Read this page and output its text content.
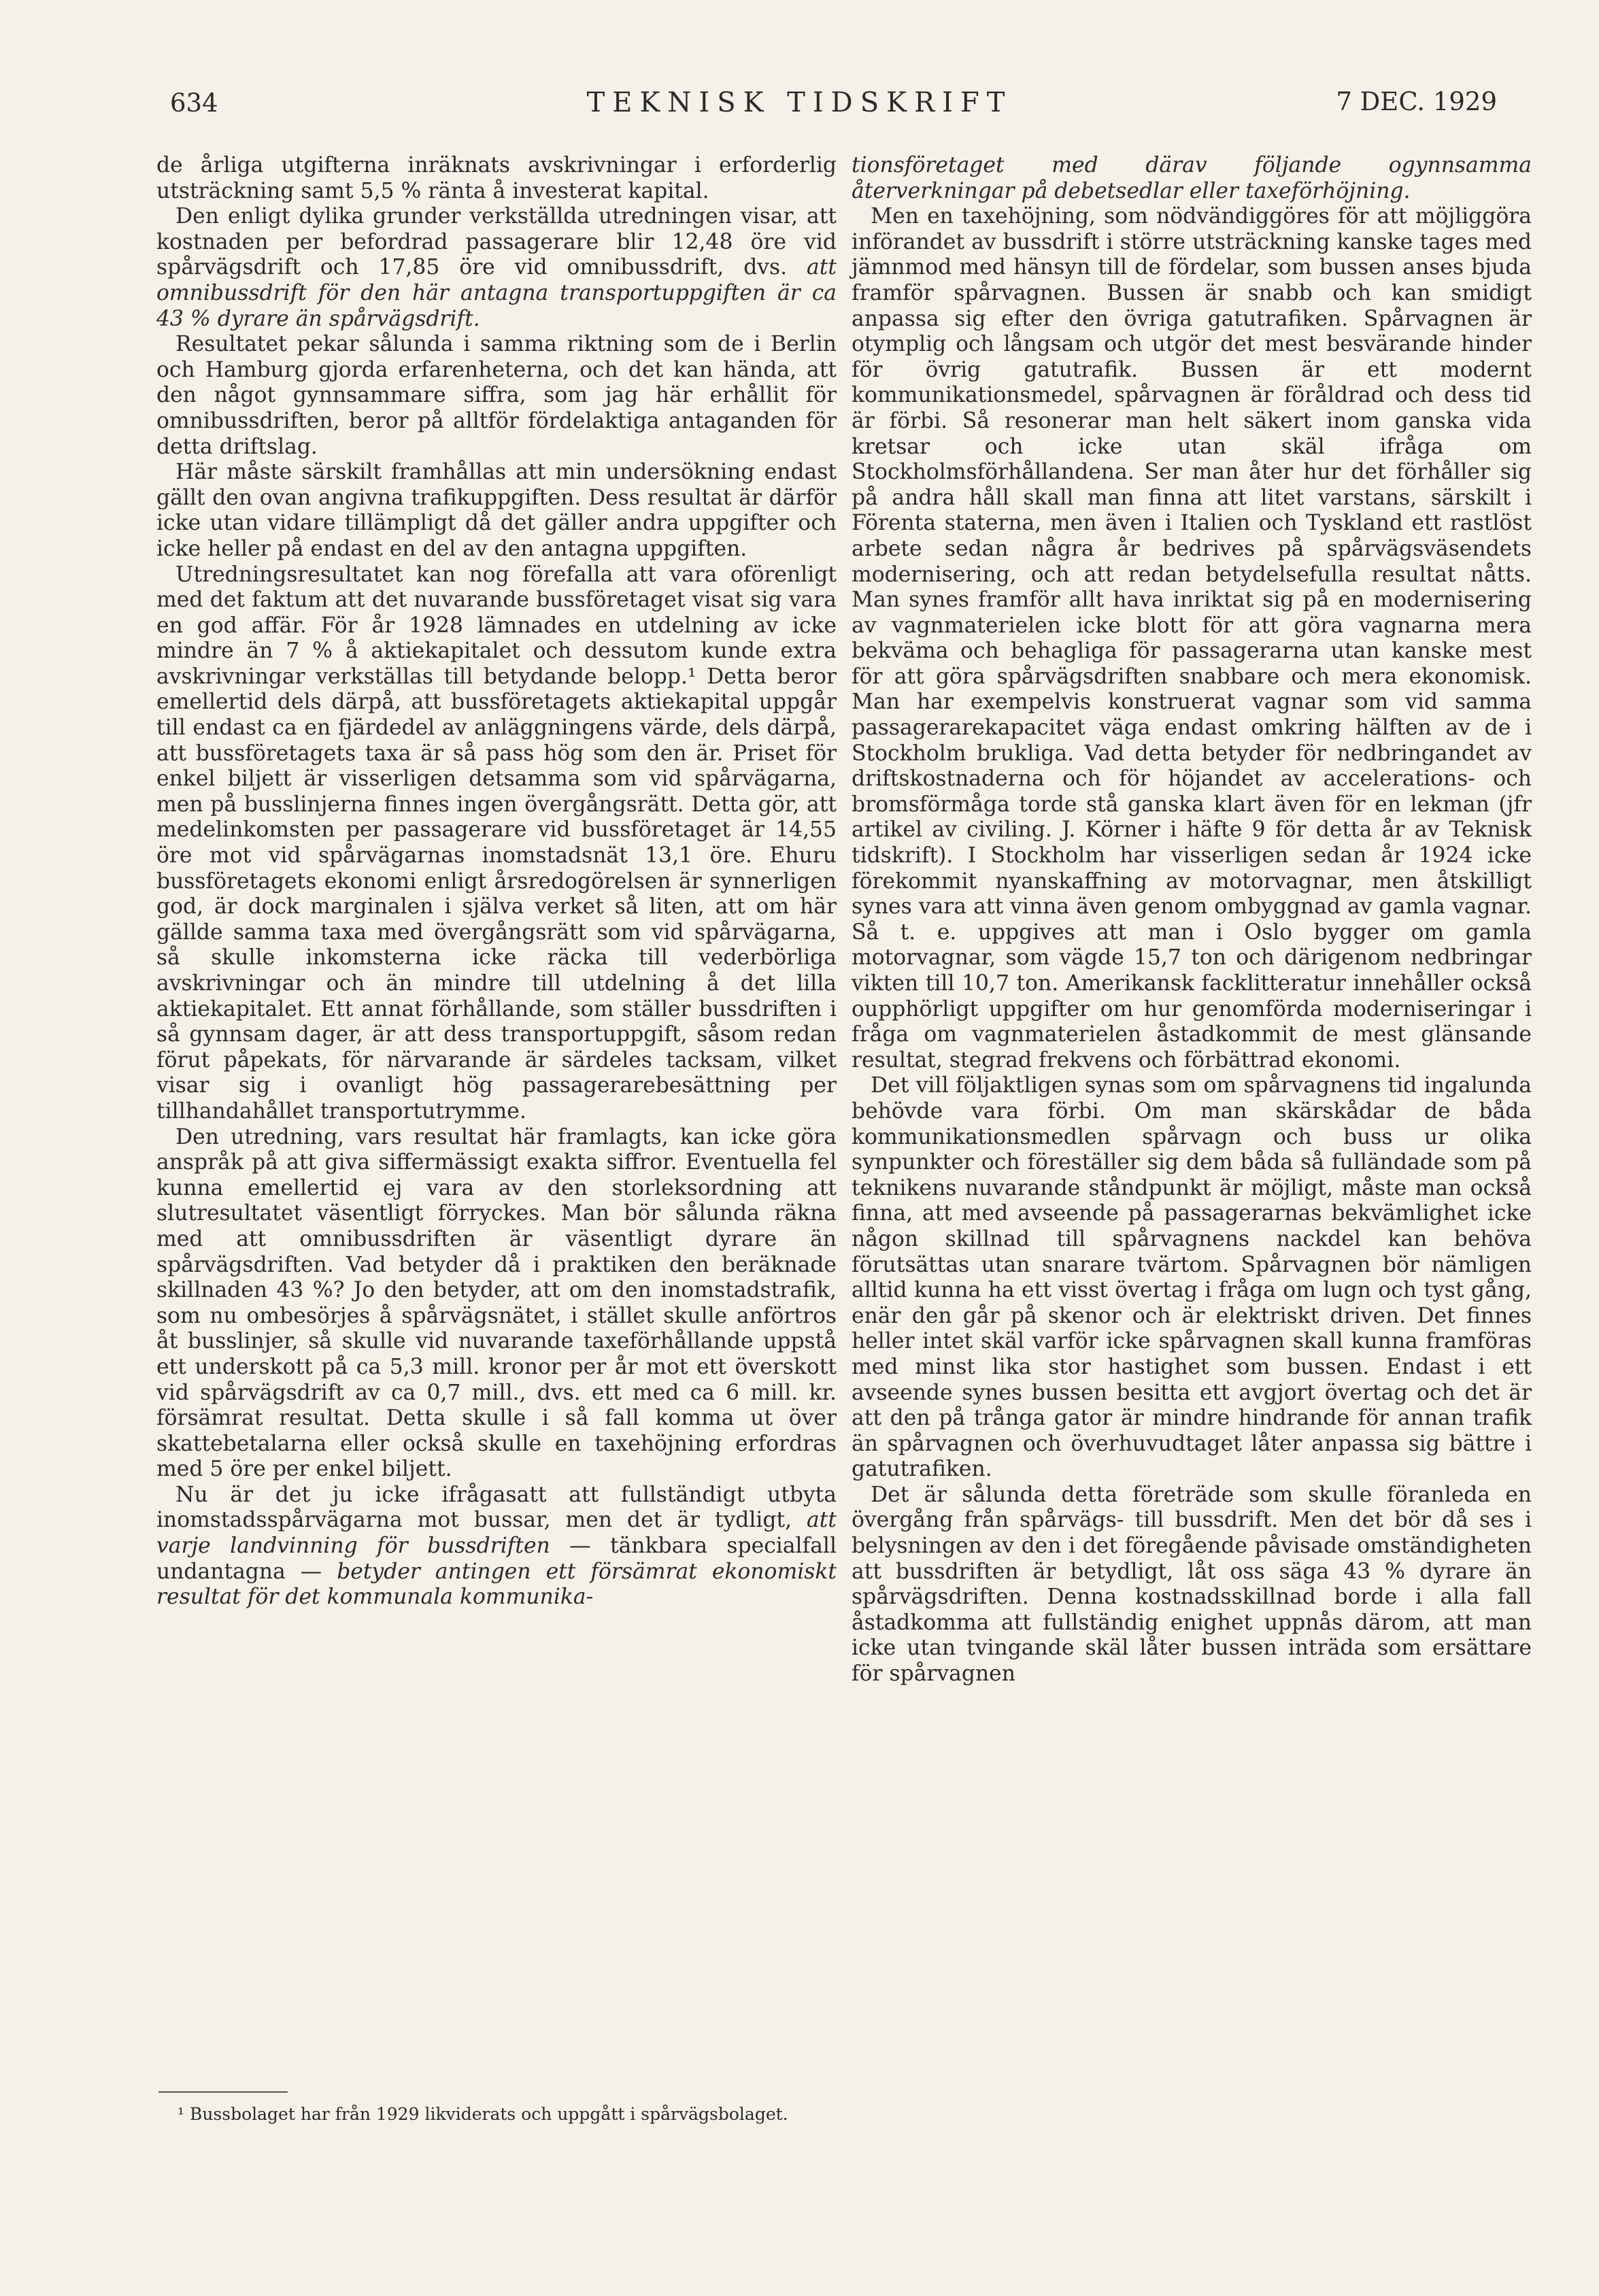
634	TEKNISK TIDSKRIFT	7 DEC. 1929

de årliga utgifterna inräknats avskrivningar i erforderlig utsträckning samt 5,5 % ränta å investerat kapital.

Den enligt dylika grunder verkställda utredningen visar, att kostnaden per befordrad passagerare blir 12,48 öre vid spårvägsdrift och 17,85 öre vid omnibussdrift, dvs. att omnibussdrift för den här antagna transportuppgiften är ca 43 % dyrare än spårvägsdrift.

Resultatet pekar sålunda i samma riktning som de i Berlin och Hamburg gjorda erfarenheterna, och det kan hända, att den något gynnsammare siffra, som jag här erhållit för omnibussdriften, beror på alltför fördelaktiga antaganden för detta driftslag.

Här måste särskilt framhållas att min undersökning endast gällt den ovan angivna trafikuppgiften. Dess resultat är därför icke utan vidare tillämpligt då det gäller andra uppgifter och icke heller på endast en del av den antagna uppgiften.

Utredningsresultatet kan nog förefalla att vara oförenligt med det faktum att det nuvarande bussföretaget visat sig vara en god affär. För år 1928 lämnades en utdelning av icke mindre än 7 % å aktiekapitalet och dessutom kunde extra avskrivningar verkställas till betydande belopp.¹ Detta beror emellertid dels därpå, att bussföretagets aktiekapital uppgår till endast ca en fjärdedel av anläggningens värde, dels därpå, att bussföretagets taxa är så pass hög som den är. Priset för enkel biljett är visserligen detsamma som vid spårvägarna, men på busslinjerna finnes ingen övergångsrätt. Detta gör, att medelinkomsten per passagerare vid bussföretaget är 14,55 öre mot vid spårvägarnas inomstadsnät 13,1 öre. Ehuru bussföretagets ekonomi enligt årsredogörelsen är synnerligen god, är dock marginalen i själva verket så liten, att om här gällde samma taxa med övergångsrätt som vid spårvägarna, så skulle inkomsterna icke räcka till vederbörliga avskrivningar och än mindre till utdelning å det lilla aktiekapitalet. Ett annat förhållande, som ställer bussdriften i så gynnsam dager, är att dess transportuppgift, såsom redan förut påpekats, för närvarande är särdeles tacksam, vilket visar sig i ovanligt hög passagerarebesättning per tillhandahållet transportutrymme.

Den utredning, vars resultat här framlagts, kan icke göra anspråk på att giva siffermässigt exakta siffror. Eventuella fel kunna emellertid ej vara av den storleksordning att slutresultatet väsentligt förryckes. Man bör sålunda räkna med att omnibussdriften är väsentligt dyrare än spårvägsdriften. Vad betyder då i praktiken den beräknade skillnaden 43 %? Jo den betyder, att om den inomstadstrafik, som nu ombesörjes å spårvägsnätet, i stället skulle anförtros åt busslinjer, så skulle vid nuvarande taxeförhållande uppstå ett underskott på ca 5,3 mill. kronor per år mot ett överskott vid spårvägsdrift av ca 0,7 mill., dvs. ett med ca 6 mill. kr. försämrat resultat. Detta skulle i så fall komma ut över skattebetalarna eller också skulle en taxehöjning erfordras med 5 öre per enkel biljett.

Nu är det ju icke ifrågasatt att fullständigt utbyta inomstadsspårvägarna mot bussar, men det är tydligt, att varje landvinning för bussdriften — tänkbara specialfall undantagna — betyder antingen ett försämrat ekonomiskt resultat för det kommunala kommunika-

tionsföretaget med därav följande ogynnsamma återverkningar på debetsedlar eller taxeförhöjning.

Men en taxehöjning, som nödvändiggöres för att möjliggöra införandet av bussdrift i större utsträckning kanske tages med jämnmod med hänsyn till de fördelar, som bussen anses bjuda framför spårvagnen. Bussen är snabb och kan smidigt anpassa sig efter den övriga gatutrafiken. Spårvagnen är otymplig och långsam och utgör det mest besvärande hinder för övrig gatutrafik. Bussen är ett modernt kommunikationsmedel, spårvagnen är föråldrad och dess tid är förbi. Så resonerar man helt säkert inom ganska vida kretsar och icke utan skäl ifråga om Stockholmsförhållandena. Ser man åter hur det förhåller sig på andra håll skall man finna att litet varstans, särskilt i Förenta staterna, men även i Italien och Tyskland ett rastlöst arbete sedan några år bedrives på spårvägsväsendets modernisering, och att redan betydelsefulla resultat nåtts. Man synes framför allt hava inriktat sig på en modernisering av vagnmaterielen icke blott för att göra vagnarna mera bekväma och behagliga för passagerarna utan kanske mest för att göra spårvägsdriften snabbare och mera ekonomisk. Man har exempelvis konstruerat vagnar som vid samma passagerarekapacitet väga endast omkring hälften av de i Stockholm brukliga. Vad detta betyder för nedbringandet av driftskostnaderna och för höjandet av accelerations- och bromsförmåga torde stå ganska klart även för en lekman (jfr artikel av civiling. J. Körner i häfte 9 för detta år av Teknisk tidskrift). I Stockholm har visserligen sedan år 1924 icke förekommit nyanskaffning av motorvagnar, men åtskilligt synes vara att vinna även genom ombyggnad av gamla vagnar. Så t. e. uppgives att man i Oslo bygger om gamla motorvagnar, som vägde 15,7 ton och därigenom nedbringar vikten till 10,7 ton. Amerikansk facklitteratur innehåller också oupphörligt uppgifter om hur genomförda moderniseringar i fråga om vagnmaterielen åstadkommit de mest glänsande resultat, stegrad frekvens och förbättrad ekonomi.

Det vill följaktligen synas som om spårvagnens tid ingalunda behövde vara förbi. Om man skärskådar de båda kommunikationsmedlen spårvagn och buss ur olika synpunkter och föreställer sig dem båda så fulländade som på teknikens nuvarande ståndpunkt är möjligt, måste man också finna, att med avseende på passagerarnas bekvämlighet icke någon skillnad till spårvagnens nackdel kan behöva förutsättas utan snarare tvärtom. Spårvagnen bör nämligen alltid kunna ha ett visst övertag i fråga om lugn och tyst gång, enär den går på skenor och är elektriskt driven. Det finnes heller intet skäl varför icke spårvagnen skall kunna framföras med minst lika stor hastighet som bussen. Endast i ett avseende synes bussen besitta ett avgjort övertag och det är att den på trånga gator är mindre hindrande för annan trafik än spårvagnen och överhuvudtaget låter anpassa sig bättre i gatutrafiken.

Det är sålunda detta företräde som skulle föranleda en övergång från spårvägs- till bussdrift. Men det bör då ses i belysningen av den i det föregående påvisade omständigheten att bussdriften är betydligt, låt oss säga 43 % dyrare än spårvägsdriften. Denna kostnadsskillnad borde i alla fall åstadkomma att fullständig enighet uppnås därom, att man icke utan tvingande skäl låter bussen inträda som ersättare för spårvagnen

¹ Bussbolaget har från 1929 likviderats och uppgått i spårvägsbolaget.
